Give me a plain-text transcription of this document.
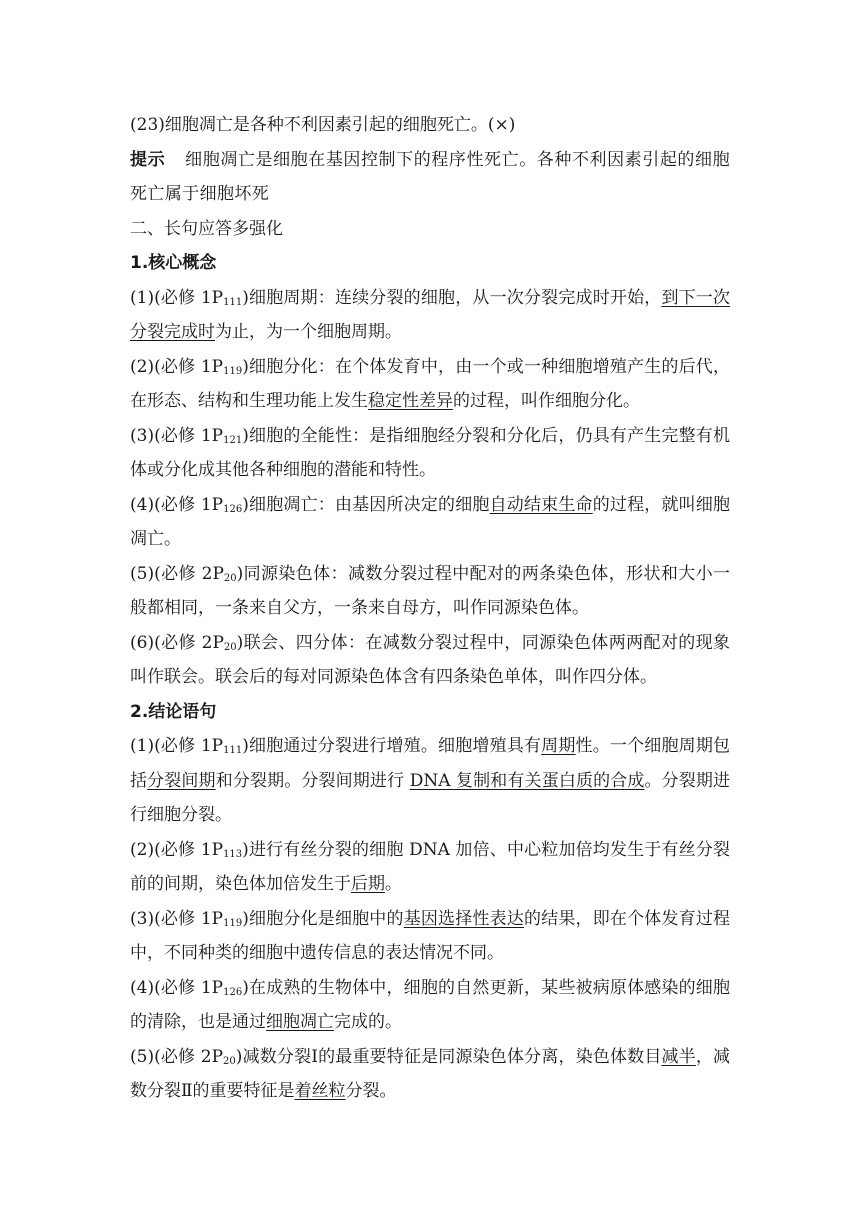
(23)细胞凋亡是各种不利因素引起的细胞死亡。(×)

提示 细胞凋亡是细胞在基因控制下的程序性死亡。各种不利因素引起的细胞死亡属于细胞坏死

二、长句应答多强化

1.核心概念

(1)(必修 $1P_{111}$)细胞周期：连续分裂的细胞，从一次分裂完成时开始，到下一次分裂完成时为止，为一个细胞周期。

(2)(必修 $1P_{119}$)细胞分化：在个体发育中，由一个或一种细胞增殖产生的后代，在形态、结构和生理功能上发生稳定性差异的过程，叫作细胞分化。

(3)(必修 $1P_{121}$)细胞的全能性：是指细胞经分裂和分化后，仍具有产生完整有机体或分化成其他各种细胞的潜能和特性。

(4)(必修 $1P_{126}$)细胞凋亡：由基因所决定的细胞自动结束生命的过程，就叫细胞凋亡。

(5)(必修 $2P_{20}$)同源染色体：减数分裂过程中配对的两条染色体，形状和大小一般都相同，一条来自父方，一条来自母方，叫作同源染色体。

(6)(必修 $2P_{20}$)联会、四分体：在减数分裂过程中，同源染色体两两配对的现象叫作联会。联会后的每对同源染色体含有四条染色单体，叫作四分体。

2.结论语句

(1)(必修 $1P_{111}$)细胞通过分裂进行增殖。细胞增殖具有周期性。一个细胞周期包括分裂间期和分裂期。分裂间期进行 DNA 复制和有关蛋白质的合成。分裂期进行细胞分裂。

(2)(必修 $1P_{113}$)进行有丝分裂的细胞 DNA 加倍、中心粒加倍均发生于有丝分裂前的间期，染色体加倍发生于后期。

(3)(必修 $1P_{119}$)细胞分化是细胞中的基因选择性表达的结果，即在个体发育过程中，不同种类的细胞中遗传信息的表达情况不同。

(4)(必修 $1P_{126}$)在成熟的生物体中，细胞的自然更新，某些被病原体感染的细胞的清除，也是通过细胞凋亡完成的。

(5)(必修 $2P_{20}$)减数分裂Ⅰ的最重要特征是同源染色体分离，染色体数目减半，减数分裂Ⅱ的重要特征是着丝粒分裂。
